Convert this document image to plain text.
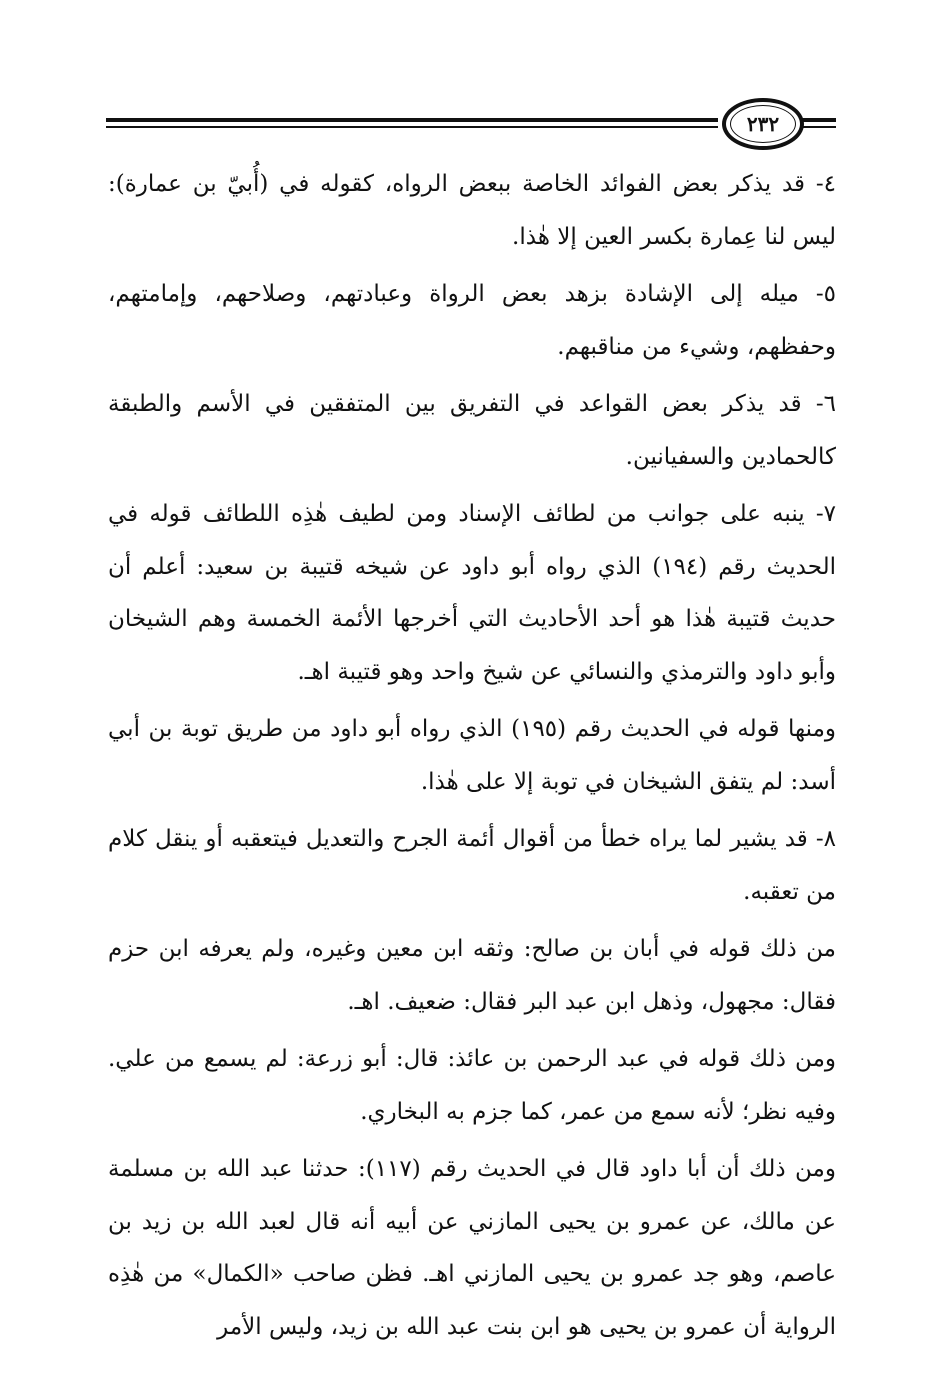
٢٣٢

٤- قد يذكر بعض الفوائد الخاصة ببعض الرواه، كقوله في (أُبيّ بن عمارة): ليس لنا عِمارة بكسر العين إلا هٰذا.

٥- ميله إلى الإشادة بزهد بعض الرواة وعبادتهم، وصلاحهم، وإمامتهم، وحفظهم، وشيء من مناقبهم.

٦- قد يذكر بعض القواعد في التفريق بين المتفقين في الأسم والطبقة كالحمادين والسفيانين.

٧- ينبه على جوانب من لطائف الإسناد ومن لطيف هٰذِه اللطائف قوله في الحديث رقم (١٩٤) الذي رواه أبو داود عن شيخه قتيبة بن سعيد: أعلم أن حديث قتيبة هٰذا هو أحد الأحاديث التي أخرجها الأئمة الخمسة وهم الشيخان وأبو داود والترمذي والنسائي عن شيخ واحد وهو قتيبة اهـ.

ومنها قوله في الحديث رقم (١٩٥) الذي رواه أبو داود من طريق توبة بن أبي أسد: لم يتفق الشيخان في توبة إلا على هٰذا.

٨- قد يشير لما يراه خطأ من أقوال أئمة الجرح والتعديل فيتعقبه أو ينقل كلام من تعقبه.

من ذلك قوله في أبان بن صالح: وثقه ابن معين وغيره، ولم يعرفه ابن حزم فقال: مجهول، وذهل ابن عبد البر فقال: ضعيف. اهـ.

ومن ذلك قوله في عبد الرحمن بن عائذ: قال: أبو زرعة: لم يسمع من علي. وفيه نظر؛ لأنه سمع من عمر، كما جزم به البخاري.

ومن ذلك أن أبا داود قال في الحديث رقم (١١٧): حدثنا عبد الله بن مسلمة عن مالك، عن عمرو بن يحيى المازني عن أبيه أنه قال لعبد الله بن زيد بن عاصم، وهو جد عمرو بن يحيى المازني اهـ. فظن صاحب «الكمال» من هٰذِه الرواية أن عمرو بن يحيى هو ابن بنت عبد الله بن زيد، وليس الأمر
